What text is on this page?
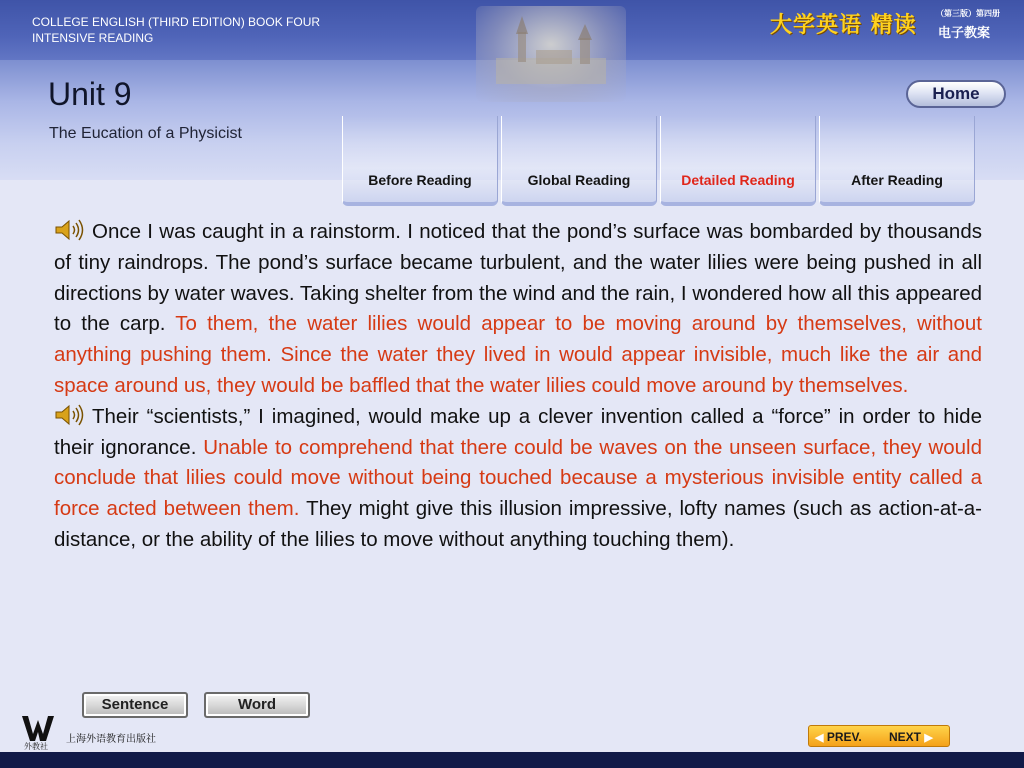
COLLEGE ENGLISH (THIRD EDITION) BOOK FOUR
INTENSIVE READING	大学英语 精读 （第三版）第四册
电子教案
Unit 9
The Eucation of a Physicist
Home
Before Reading	Global Reading	Detailed Reading	After Reading

Once I was caught in a rainstorm. I noticed that the pond’s surface was bombarded by thousands of tiny raindrops. The pond’s surface became turbulent, and the water lilies were being pushed in all directions by water waves. Taking shelter from the wind and the rain, I wondered how all this appeared to the carp. To them, the water lilies would appear to be moving around by themselves, without anything pushing them. Since the water they lived in would appear invisible, much like the air and space around us, they would be baffled that the water lilies could move around by themselves.

Their “scientists,” I imagined, would make up a clever invention called a “force” in order to hide their ignorance. Unable to comprehend that there could be waves on the unseen surface, they would conclude that lilies could move without being touched because a mysterious invisible entity called a force acted between them. They might give this illusion impressive, lofty names (such as action-at-a-distance, or the ability of the lilies to move without anything touching them).

Sentence	Word
外教社
上海外语教育出版社	◀ PREV. NEXT ▶
